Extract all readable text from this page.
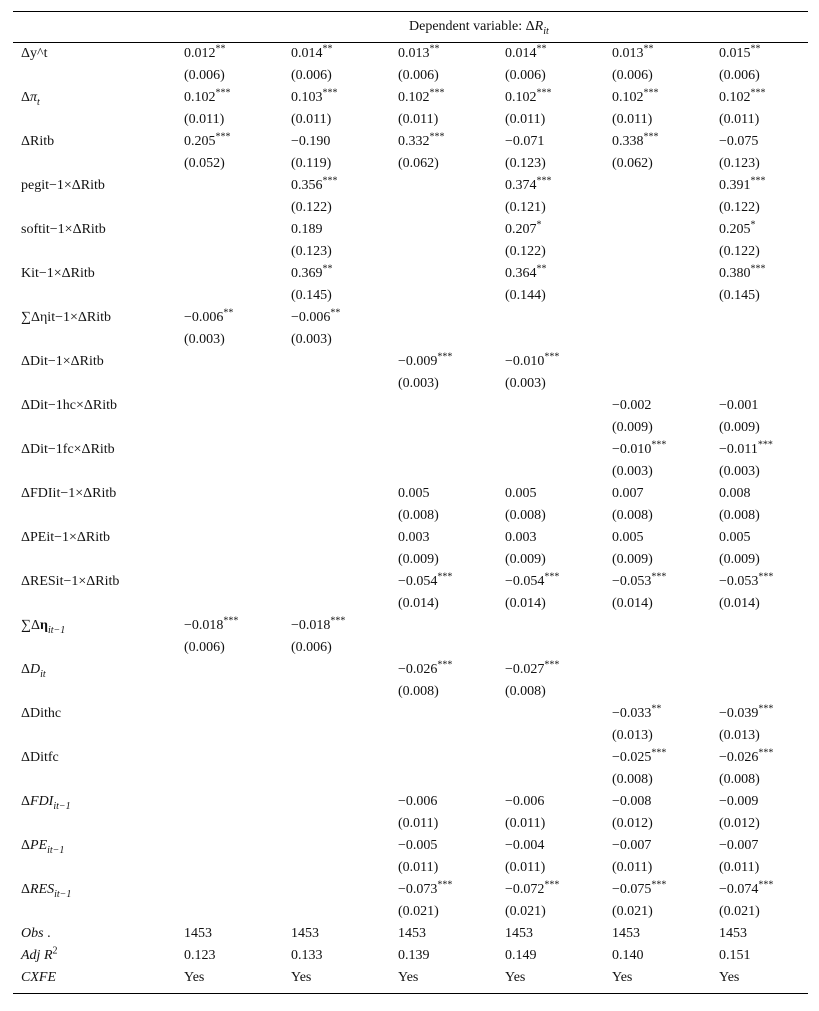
Dependent variable: $\Delta R_{it}$
Δy^t	0.012**	0.014**	0.013**	0.014**	0.013**	0.015**
	(0.006)	(0.006)	(0.006)	(0.006)	(0.006)	(0.006)
$\Delta\pi_t$	0.102***	0.103***	0.102***	0.102***	0.102***	0.102***
	(0.011)	(0.011)	(0.011)	(0.011)	(0.011)	(0.011)
ΔRitb	0.205***	−0.190	0.332***	−0.071	0.338***	−0.075
	(0.052)	(0.119)	(0.062)	(0.123)	(0.062)	(0.123)
pegit−1×ΔRitb		0.356***		0.374***		0.391***
		(0.122)		(0.121)		(0.122)
softit−1×ΔRitb		0.189		0.207*		0.205*
		(0.123)		(0.122)		(0.122)
Kit−1×ΔRitb		0.369**		0.364**		0.380***
		(0.145)		(0.144)		(0.145)
∑Δηit−1×ΔRitb	−0.006**	−0.006**				
	(0.003)	(0.003)				
ΔDit−1×ΔRitb			−0.009***	−0.010***		
			(0.003)	(0.003)		
ΔDit−1hc×ΔRitb					−0.002	−0.001
					(0.009)	(0.009)
ΔDit−1fc×ΔRitb					−0.010***	−0.011***
					(0.003)	(0.003)
ΔFDIit−1×ΔRitb			0.005	0.005	0.007	0.008
			(0.008)	(0.008)	(0.008)	(0.008)
ΔPEit−1×ΔRitb			0.003	0.003	0.005	0.005
			(0.009)	(0.009)	(0.009)	(0.009)
ΔRESit−1×ΔRitb			−0.054***	−0.054***	−0.053***	−0.053***
			(0.014)	(0.014)	(0.014)	(0.014)
$\sum\Delta\eta_{it-1}$	−0.018***	−0.018***				
	(0.006)	(0.006)				
$\Delta D_{it}$			−0.026***	−0.027***		
			(0.008)	(0.008)		
ΔDithc					−0.033**	−0.039***
					(0.013)	(0.013)
ΔDitfc					−0.025***	−0.026***
					(0.008)	(0.008)
$\Delta FDI_{it-1}$			−0.006	−0.006	−0.008	−0.009
			(0.011)	(0.011)	(0.012)	(0.012)
$\Delta PE_{it-1}$			−0.005	−0.004	−0.007	−0.007
			(0.011)	(0.011)	(0.011)	(0.011)
$\Delta RES_{it-1}$			−0.073***	−0.072***	−0.075***	−0.074***
			(0.021)	(0.021)	(0.021)	(0.021)
Obs .	1453	1453	1453	1453	1453	1453
Adj $R^2$	0.123	0.133	0.139	0.149	0.140	0.151
CXFE	Yes	Yes	Yes	Yes	Yes	Yes
